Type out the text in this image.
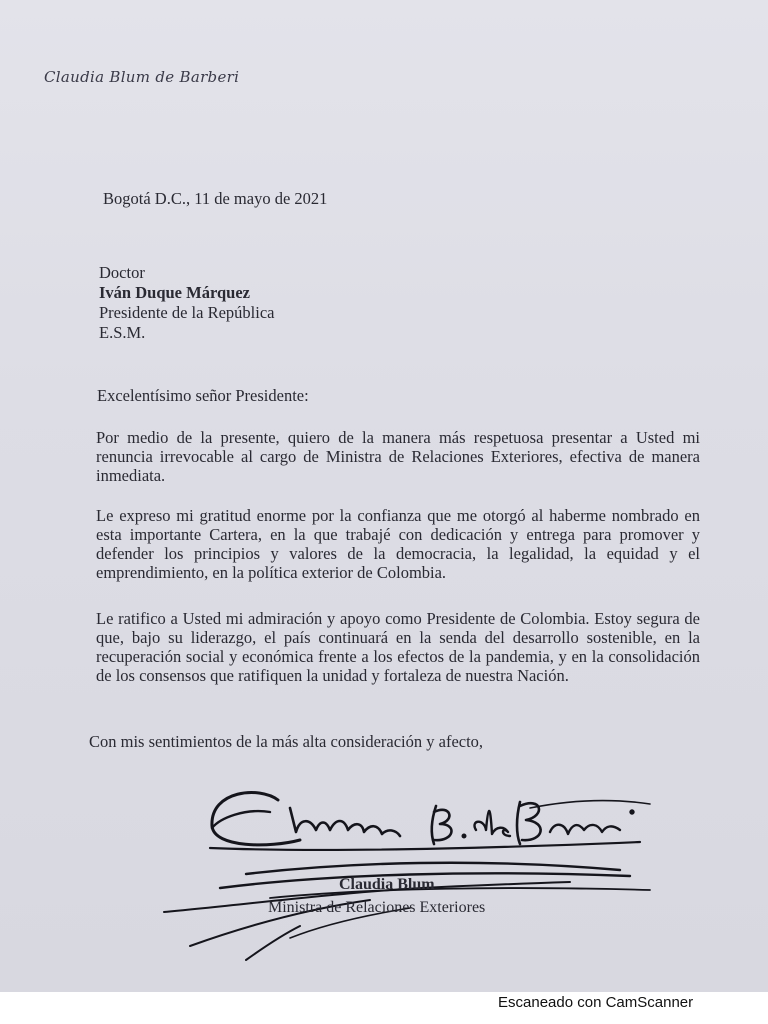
Claudia Blum de Barberi
Bogotá D.C., 11 de mayo de 2021
Doctor
Iván Duque Márquez
Presidente de la República
E.S.M.
Excelentísimo señor Presidente:
Por medio de la presente, quiero de la manera más respetuosa presentar a Usted mi renuncia irrevocable al cargo de Ministra de Relaciones Exteriores, efectiva de manera inmediata.
Le expreso mi gratitud enorme por la confianza que me otorgó al haberme nombrado en esta importante Cartera, en la que trabajé con dedicación y entrega para promover y defender los principios y valores de la democracia, la legalidad, la equidad y el emprendimiento, en la política exterior de Colombia.
Le ratifico a Usted mi admiración y apoyo como Presidente de Colombia. Estoy segura de que, bajo su liderazgo, el país continuará en la senda del desarrollo sostenible, en la recuperación social y económica frente a los efectos de la pandemia, y en la consolidación de los consensos que ratifiquen la unidad y fortaleza de nuestra Nación.
Con mis sentimientos de la más alta consideración y afecto,
Claudia Blum
Ministra de Relaciones Exteriores
Escaneado con CamScanner
